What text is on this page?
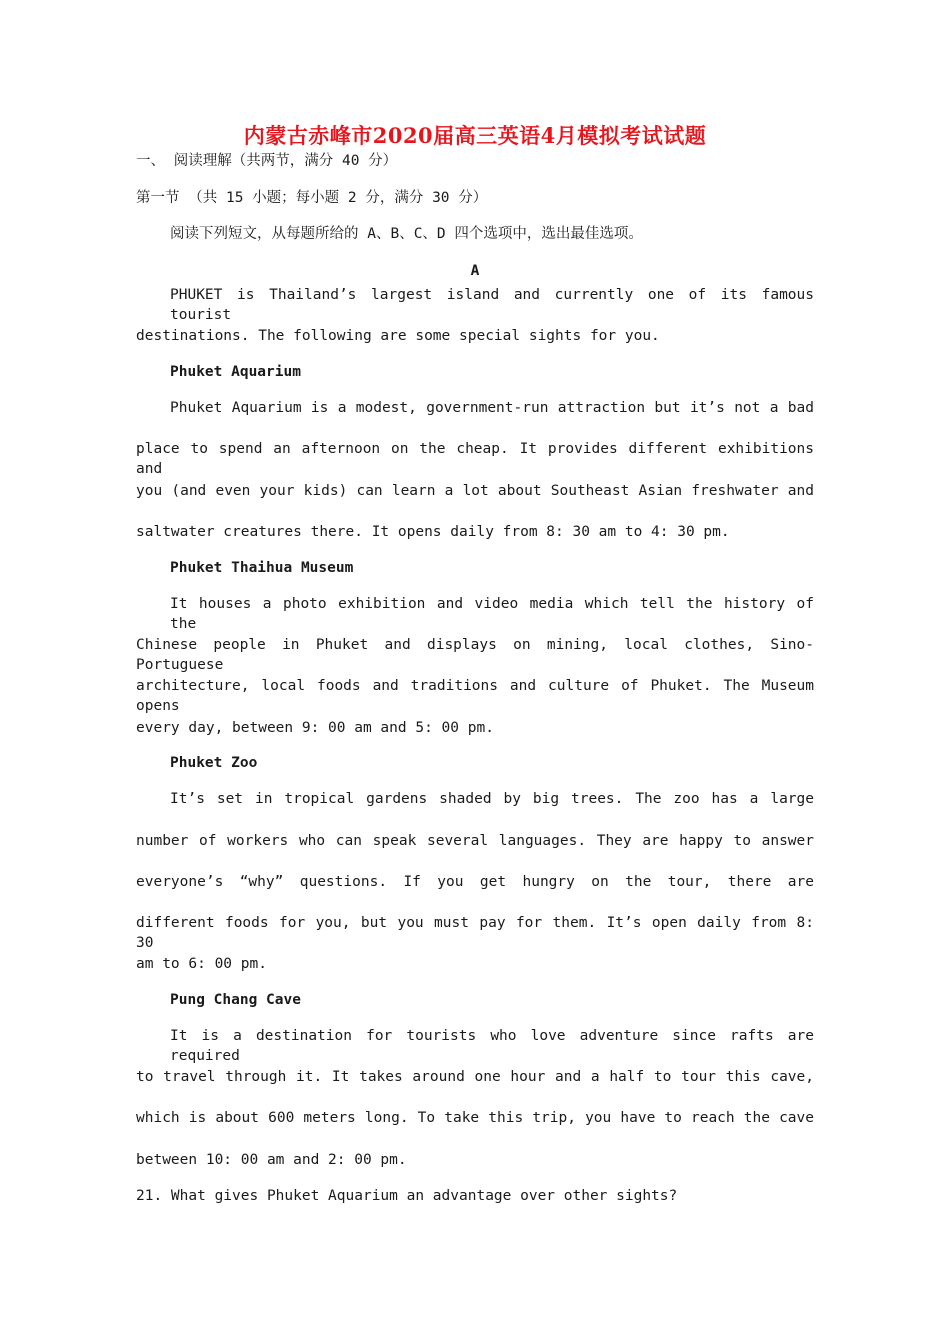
内蒙古赤峰市2020届高三英语4月模拟考试试题
一、 阅读理解（共两节，满分 40 分）
第一节 （共 15 小题；每小题 2 分，满分 30 分）
阅读下列短文，从每题所给的 A、B、C、D 四个选项中，选出最佳选项。
A
PHUKET is Thailand’s largest island and currently one of its famous tourist
destinations. The following are some special sights for you.
Phuket Aquarium
Phuket Aquarium is a modest, government-run attraction but it’s not a bad
place to spend an afternoon on the cheap. It provides different exhibitions and
you (and even your kids) can learn a lot about Southeast Asian freshwater and
saltwater creatures there. It opens daily from 8: 30 am to 4: 30 pm.
Phuket Thaihua Museum
It houses a photo exhibition and video media which tell the history of the
Chinese people in Phuket and displays on mining, local clothes, Sino-Portuguese
architecture, local foods and traditions and culture of Phuket. The Museum opens
every day, between 9: 00 am and 5: 00 pm.
Phuket Zoo
It’s set in tropical gardens shaded by big trees. The zoo has a large
number of workers who can speak several languages. They are happy to answer
everyone’s “why” questions. If you get hungry on the tour, there are
different foods for you, but you must pay for them. It’s open daily from 8: 30
am to 6: 00 pm.
Pung Chang Cave
It is a destination for tourists who love adventure since rafts are required
to travel through it. It takes around one hour and a half to tour this cave,
which is about 600 meters long. To take this trip, you have to reach the cave
between 10: 00 am and 2: 00 pm.
21. What gives Phuket Aquarium an advantage over other sights?
